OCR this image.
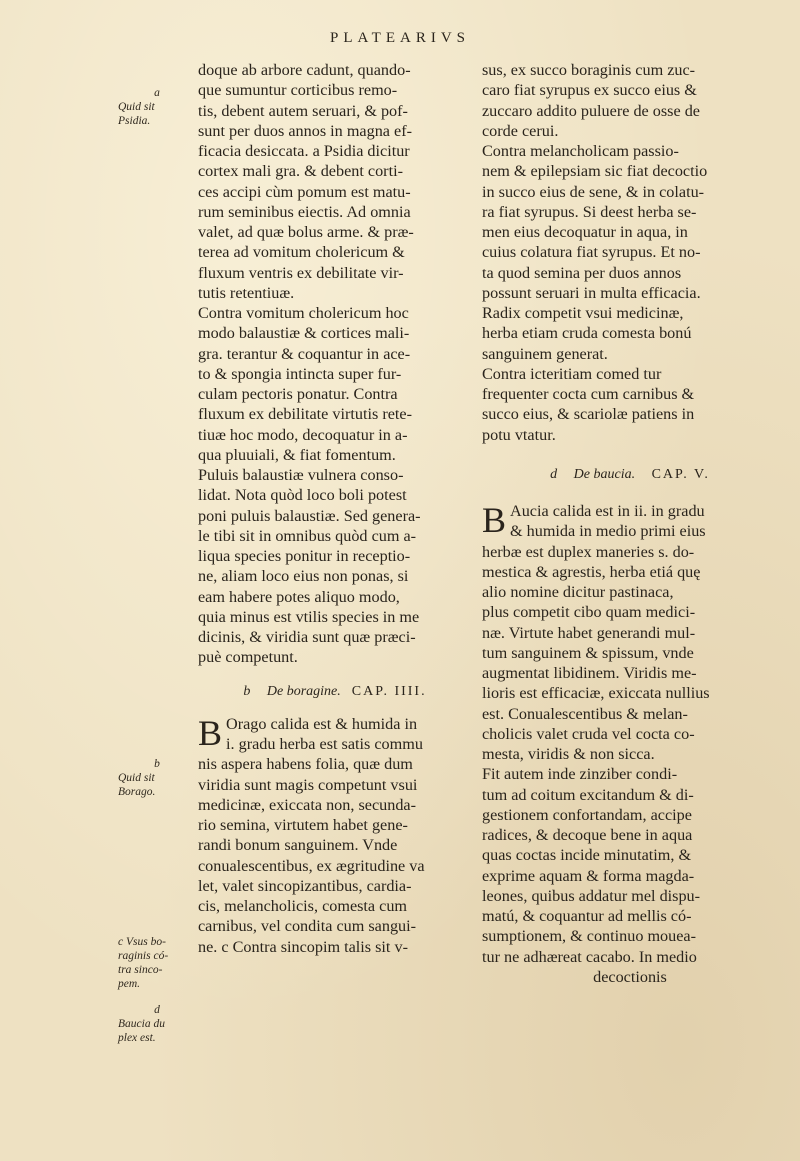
PLATEARIVS
a
Quid sit
Psidia.
b
Quid sit
Borago.
c Vsus bo-
raginis có-
tra sinco-
pem.
d
Baucia du
plex est.

doque ab arbore cadunt, quando-

que sumuntur corticibus remo-

tis, debent autem seruari, & pof-

sunt per duos annos in magna ef-

ficacia desiccata. a Psidia dicitur

cortex mali gra. & debent corti-

ces accipi cùm pomum est matu-

rum seminibus eiectis. Ad omnia

valet, ad quæ bolus arme. & præ-

terea ad vomitum cholericum &

fluxum ventris ex debilitate vir-

tutis retentiuæ.

Contra vomitum cholericum hoc

modo balaustiæ & cortices mali-

gra. terantur & coquantur in ace-

to & spongia intincta super fur-

culam pectoris ponatur. Contra

fluxum ex debilitate virtutis rete-

tiuæ hoc modo, decoquatur in a-

qua pluuiali, & fiat fomentum.

Puluis balaustiæ vulnera conso-

lidat. Nota quòd loco boli potest

poni puluis balaustiæ. Sed genera-

le tibi sit in omnibus quòd cum a-

liqua species ponitur in receptio-

ne, aliam loco eius non ponas, si

eam habere potes aliquo modo,

quia minus est vtilis species in me

dicinis, & viridia sunt quæ præci-

puè competunt.

b De boragine. CAP. IIII.

B Orago calida est & humida in

i. gradu herba est satis commu

nis aspera habens folia, quæ dum

viridia sunt magis competunt vsui

medicinæ, exiccata non, secunda-

rio semina, virtutem habet gene-

randi bonum sanguinem. Vnde

conualescentibus, ex ægritudine va

let, valet sincopizantibus, cardia-

cis, melancholicis, comesta cum

carnibus, vel condita cum sangui-

ne. c Contra sincopim talis sit v-

sus, ex succo boraginis cum zuc-

caro fiat syrupus ex succo eius &

zuccaro addito puluere de osse de

corde cerui.

Contra melancholicam passio-

nem & epilepsiam sic fiat decoctio

in succo eius de sene, & in colatu-

ra fiat syrupus. Si deest herba se-

men eius decoquatur in aqua, in

cuius colatura fiat syrupus. Et no-

ta quod semina per duos annos

possunt seruari in multa efficacia.

Radix competit vsui medicinæ,

herba etiam cruda comesta bonú

sanguinem generat.

Contra icteritiam comed tur

frequenter cocta cum carnibus &

succo eius, & scariolæ patiens in

potu vtatur.

d De baucia. CAP. V.

B Aucia calida est in ii. in gradu

& humida in medio primi eius

herbæ est duplex maneries s. do-

mestica & agrestis, herba etiá quę

alio nomine dicitur pastinaca,

plus competit cibo quam medici-

næ. Virtute habet generandi mul-

tum sanguinem & spissum, vnde

augmentat libidinem. Viridis me-

lioris est efficaciæ, exiccata nullius

est. Conualescentibus & melan-

cholicis valet cruda vel cocta co-

mesta, viridis & non sicca.

Fit autem inde zinziber condi-

tum ad coitum excitandum & di-

gestionem confortandam, accipe

radices, & decoque bene in aqua

quas coctas incide minutatim, &

exprime aquam & forma magda-

leones, quibus addatur mel dispu-

matú, & coquantur ad mellis có-

sumptionem, & continuo mouea-

tur ne adhæreat cacabo. In medio

decoctionis
